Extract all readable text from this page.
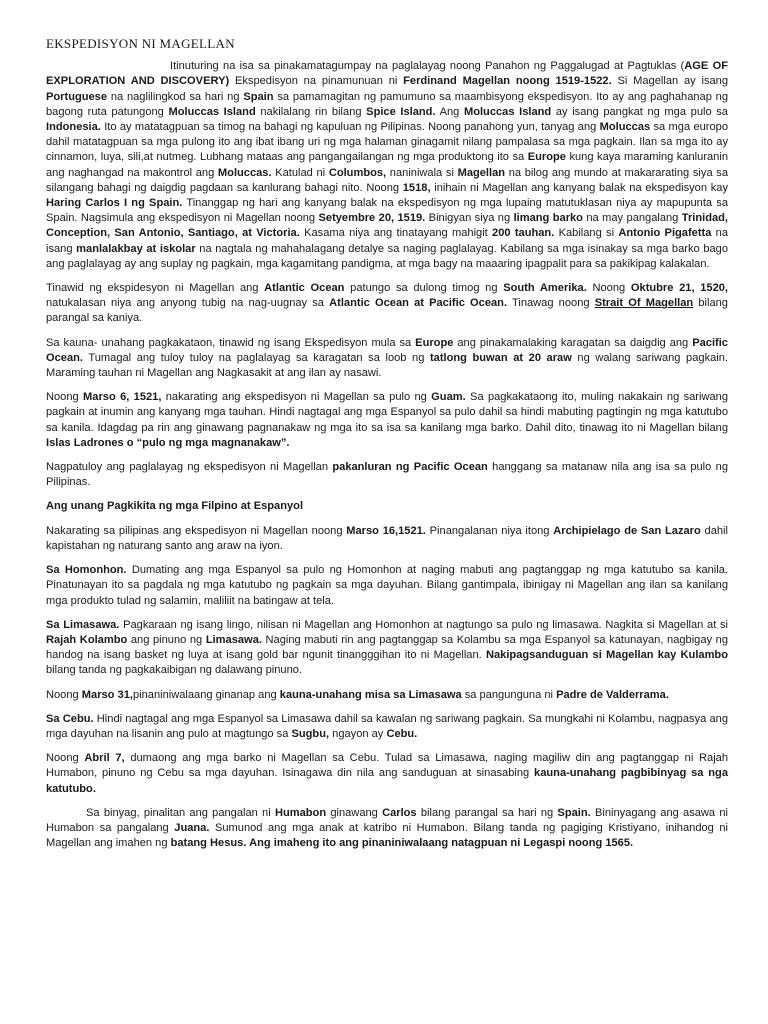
EKSPEDISYON NI MAGELLAN

Itinuturing na isa sa pinakamatagumpay na paglalayag noong Panahon ng Paggalugad at Pagtuklas (AGE OF EXPLORATION AND DISCOVERY) Ekspedisyon na pinamunuan ni Ferdinand Magellan noong 1519-1522. Si Magellan ay isang Portuguese na naglilingkod sa hari ng Spain sa pamamagitan ng pamumuno sa maambisyong ekspedisyon. Ito ay ang paghahanap ng bagong ruta patungong Moluccas Island nakilalang rin bilang Spice Island. Ang Moluccas Island ay isang pangkat ng mga pulo sa Indonesia. Ito ay matatagpuan sa timog na bahagi ng kapuluan ng Pilipinas. Noong panahong yun, tanyag ang Moluccas sa mga europo dahil matatagpuan sa mga pulong ito ang ibat ibang uri ng mga halaman ginagamit nilang pampalasa sa mga pagkain. Ilan sa mga ito ay cinnamon, luya, sili,at nutmeg. Lubhang mataas ang pangangailangan ng mga produktong ito sa Europe kung kaya maraming kanluranin ang naghangad na makontrol ang Moluccas. Katulad ni Columbos, naniniwala si Magellan na bilog ang mundo at makararating siya sa silangang bahagi ng daigdig pagdaan sa kanlurang bahagi nito. Noong 1518, inihain ni Magellan ang kanyang balak na ekspedisyon kay Haring Carlos I ng Spain. Tinanggap ng hari ang kanyang balak na ekspedisyon ng mga lupaing matutuklasan niya ay mapupunta sa Spain. Nagsimula ang ekspedisyon ni Magellan noong Setyembre 20, 1519. Binigyan siya ng limang barko na may pangalang Trinidad, Conception, San Antonio, Santiago, at Victoria. Kasama niya ang tinatayang mahigit 200 tauhan. Kabilang si Antonio Pigafetta na isang manlalakbay at iskolar na nagtala ng mahahalagang detalye sa naging paglalayag. Kabilang sa mga isinakay sa mga barko bago ang paglalayag ay ang suplay ng pagkain, mga kagamitang pandigma, at mga bagy na maaaring ipagpalit para sa pakikipag kalakalan.

Tinawid ng ekspidesyon ni Magellan ang Atlantic Ocean patungo sa dulong timog ng South Amerika. Noong Oktubre 21, 1520, natukalasan niya ang anyong tubig na nag-uugnay sa Atlantic Ocean at Pacific Ocean. Tinawag noong Strait Of Magellan bilang parangal sa kaniya.

Sa kauna- unahang pagkakataon, tinawid ng isang Ekspedisyon mula sa Europe ang pinakamalaking karagatan sa daigdig ang Pacific Ocean. Tumagal ang tuloy tuloy na paglalayag sa karagatan sa loob ng tatlong buwan at 20 araw ng walang sariwang pagkain. Maraming tauhan ni Magellan ang Nagkasakit at ang ilan ay nasawi.

Noong Marso 6, 1521, nakarating ang ekspedisyon ni Magellan sa pulo ng Guam. Sa pagkakataong ito, muling nakakain ng sariwang pagkain at inumin ang kanyang mga tauhan. Hindi nagtagal ang mga Espanyol sa pulo dahil sa hindi mabuting pagtingin ng mga katutubo sa kanila. Idagdag pa rin ang ginawang pagnanakaw ng mga ito sa isa sa kanilang mga barko. Dahil dito, tinawag ito ni Magellan bilang Islas Ladrones o “pulo ng mga magnanakaw”.

Nagpatuloy ang paglalayag ng ekspedisyon ni Magellan pakanluran ng Pacific Ocean hanggang sa matanaw nila ang isa sa pulo ng Pilipinas.

Ang unang Pagkikita ng mga Filpino at Espanyol

Nakarating sa pilipinas ang ekspedisyon ni Magellan noong Marso 16,1521. Pinangalanan niya itong Archipielago de San Lazaro dahil kapistahan ng naturang santo ang araw na iyon.

Sa Homonhon. Dumating ang mga Espanyol sa pulo ng Homonhon at naging mabuti ang pagtanggap ng mga katutubo sa kanila. Pinatunayan ito sa pagdala ng mga katutubo ng pagkain sa mga dayuhan. Bilang gantimpala, ibinigay ni Magellan ang ilan sa kanilang mga produkto tulad ng salamin, maliliit na batingaw at tela.

Sa Limasawa. Pagkaraan ng isang lingo, nilisan ni Magellan ang Homonhon at nagtungo sa pulo ng limasawa. Nagkita si Magellan at si Rajah Kolambo ang pinuno ng Limasawa. Naging mabuti rin ang pagtanggap sa Kolambu sa mga Espanyol sa katunayan, nagbigay ng handog na isang basket ng luya at isang gold bar ngunit tinangggihan ito ni Magellan. Nakipagsanduguan si Magellan kay Kulambo bilang tanda ng pagkakaibigan ng dalawang pinuno.

Noong Marso 31,pinaniniwalaang ginanap ang kauna-unahang misa sa Limasawa sa pangunguna ni Padre de Valderrama.

Sa Cebu. Hindi nagtagal ang mga Espanyol sa Limasawa dahil sa kawalan ng sariwang pagkain. Sa mungkahi ni Kolambu, nagpasya ang mga dayuhan na lisanin ang pulo at magtungo sa Sugbu, ngayon ay Cebu.

Noong Abril 7, dumaong ang mga barko ni Magellan sa Cebu. Tulad sa Limasawa, naging magiliw din ang pagtanggap ni Rajah Humabon, pinuno ng Cebu sa mga dayuhan. Isinagawa din nila ang sanduguan at sinasabing kauna-unahang pagbibinyag sa nga katutubo.

Sa binyag, pinalitan ang pangalan ni Humabon ginawang Carlos bilang parangal sa hari ng Spain. Bininyagang ang asawa ni Humabon sa pangalang Juana. Sumunod ang mga anak at katribo ni Humabon. Bilang tanda ng pagiging Kristiyano, inihandog ni Magellan ang imahen ng batang Hesus. Ang imaheng ito ang pinaniniwalaang natagpuan ni Legaspi noong 1565.
